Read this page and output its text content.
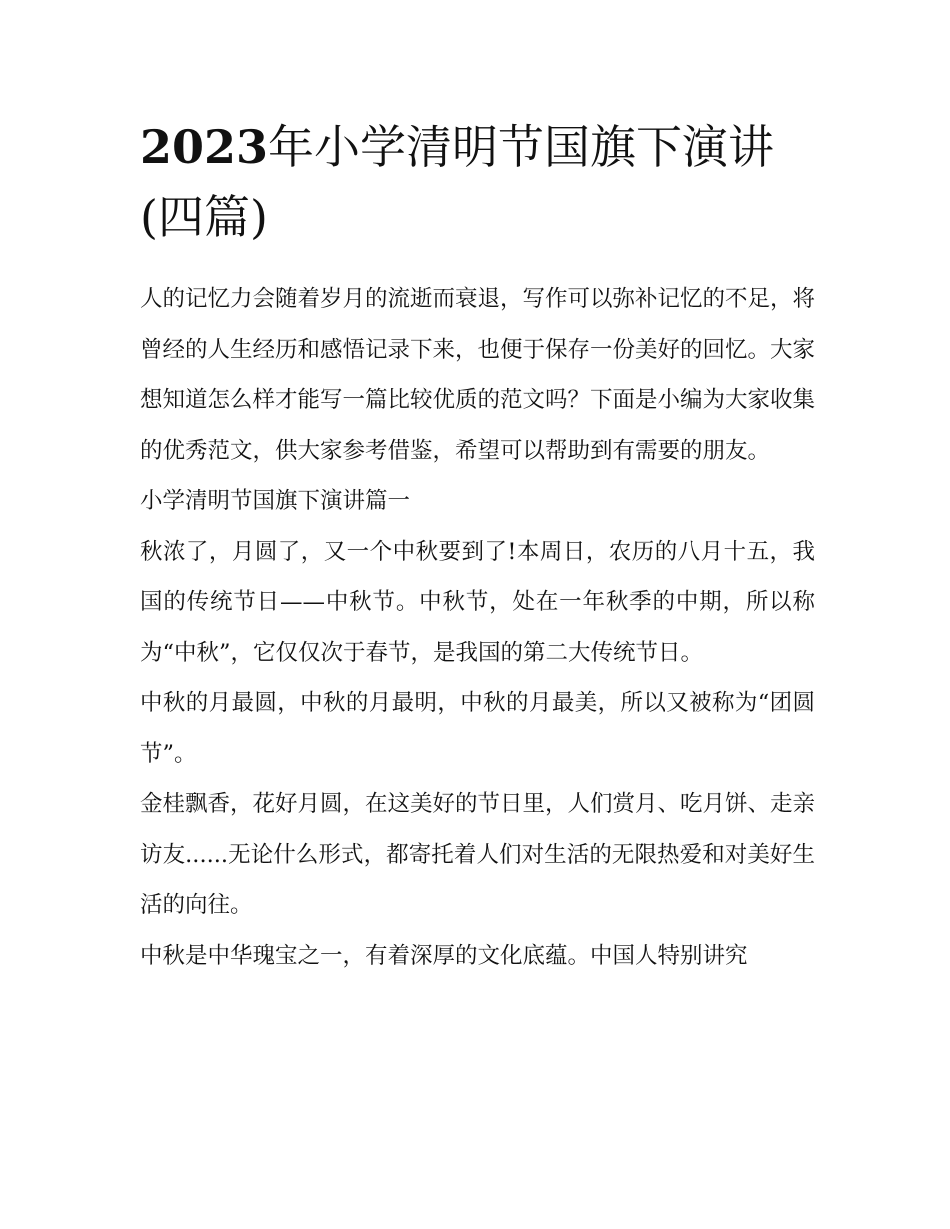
2023年小学清明节国旗下演讲(四篇)

人的记忆力会随着岁月的流逝而衰退，写作可以弥补记忆的不足，将曾经的人生经历和感悟记录下来，也便于保存一份美好的回忆。大家想知道怎么样才能写一篇比较优质的范文吗？下面是小编为大家收集的优秀范文，供大家参考借鉴，希望可以帮助到有需要的朋友。

小学清明节国旗下演讲篇一

秋浓了，月圆了，又一个中秋要到了!本周日，农历的八月十五，我国的传统节日——中秋节。中秋节，处在一年秋季的中期，所以称为“中秋”，它仅仅次于春节，是我国的第二大传统节日。

中秋的月最圆，中秋的月最明，中秋的月最美，所以又被称为“团圆节”。

金桂飘香，花好月圆，在这美好的节日里，人们赏月、吃月饼、走亲访友......无论什么形式，都寄托着人们对生活的无限热爱和对美好生活的向往。

中秋是中华瑰宝之一，有着深厚的文化底蕴。中国人特别讲究
